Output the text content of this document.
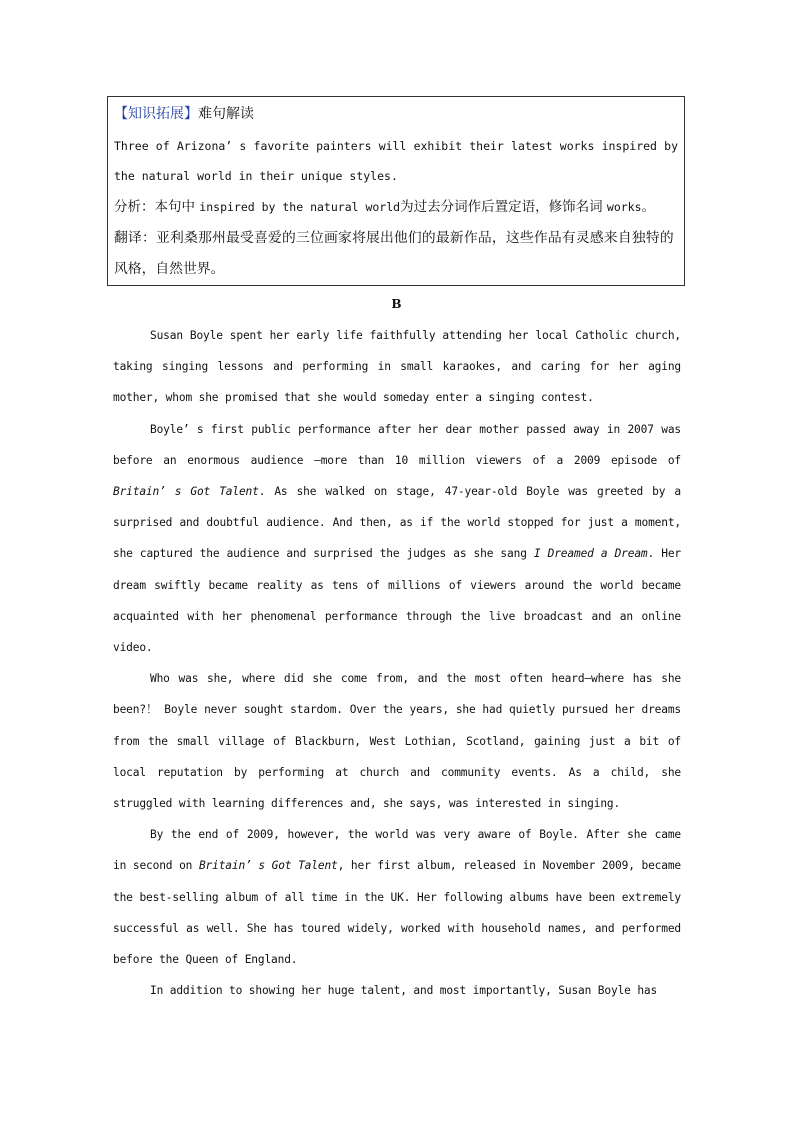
【知识拓展】难句解读
Three of Arizona’ s favorite painters will exhibit their latest works inspired by
the natural world in their unique styles.
分析：本句中 inspired by the natural world为过去分词作后置定语，修饰名词 works。
翻译：亚利桑那州最受喜爱的三位画家将展出他们的最新作品，这些作品有灵感来自独特的
风格，自然世界。
B

Susan Boyle spent her early life faithfully attending her local Catholic church, taking singing lessons and performing in small karaokes, and caring for her aging mother, whom she promised that she would someday enter a singing contest.

Boyle’ s first public performance after her dear mother passed away in 2007 was before an enormous audience —more than 10 million viewers of a 2009 episode of Britain’ s Got Talent. As she walked on stage, 47-year-old Boyle was greeted by a surprised and doubtful audience. And then, as if the world stopped for just a moment, she captured the audience and surprised the judges as she sang I Dreamed a Dream. Her dream swiftly became reality as tens of millions of viewers around the world became acquainted with her phenomenal performance through the live broadcast and an online video.

Who was she, where did she come from, and the most often heard—where has she been?！ Boyle never sought stardom. Over the years, she had quietly pursued her dreams from the small village of Blackburn, West Lothian, Scotland, gaining just a bit of local reputation by performing at church and community events. As a child, she struggled with learning differences and, she says, was interested in singing.

By the end of 2009, however, the world was very aware of Boyle. After she came in second on Britain’ s Got Talent, her first album, released in November 2009, became the best-selling album of all time in the UK. Her following albums have been extremely successful as well. She has toured widely, worked with household names, and performed before the Queen of England.

In addition to showing her huge talent, and most importantly, Susan Boyle has
